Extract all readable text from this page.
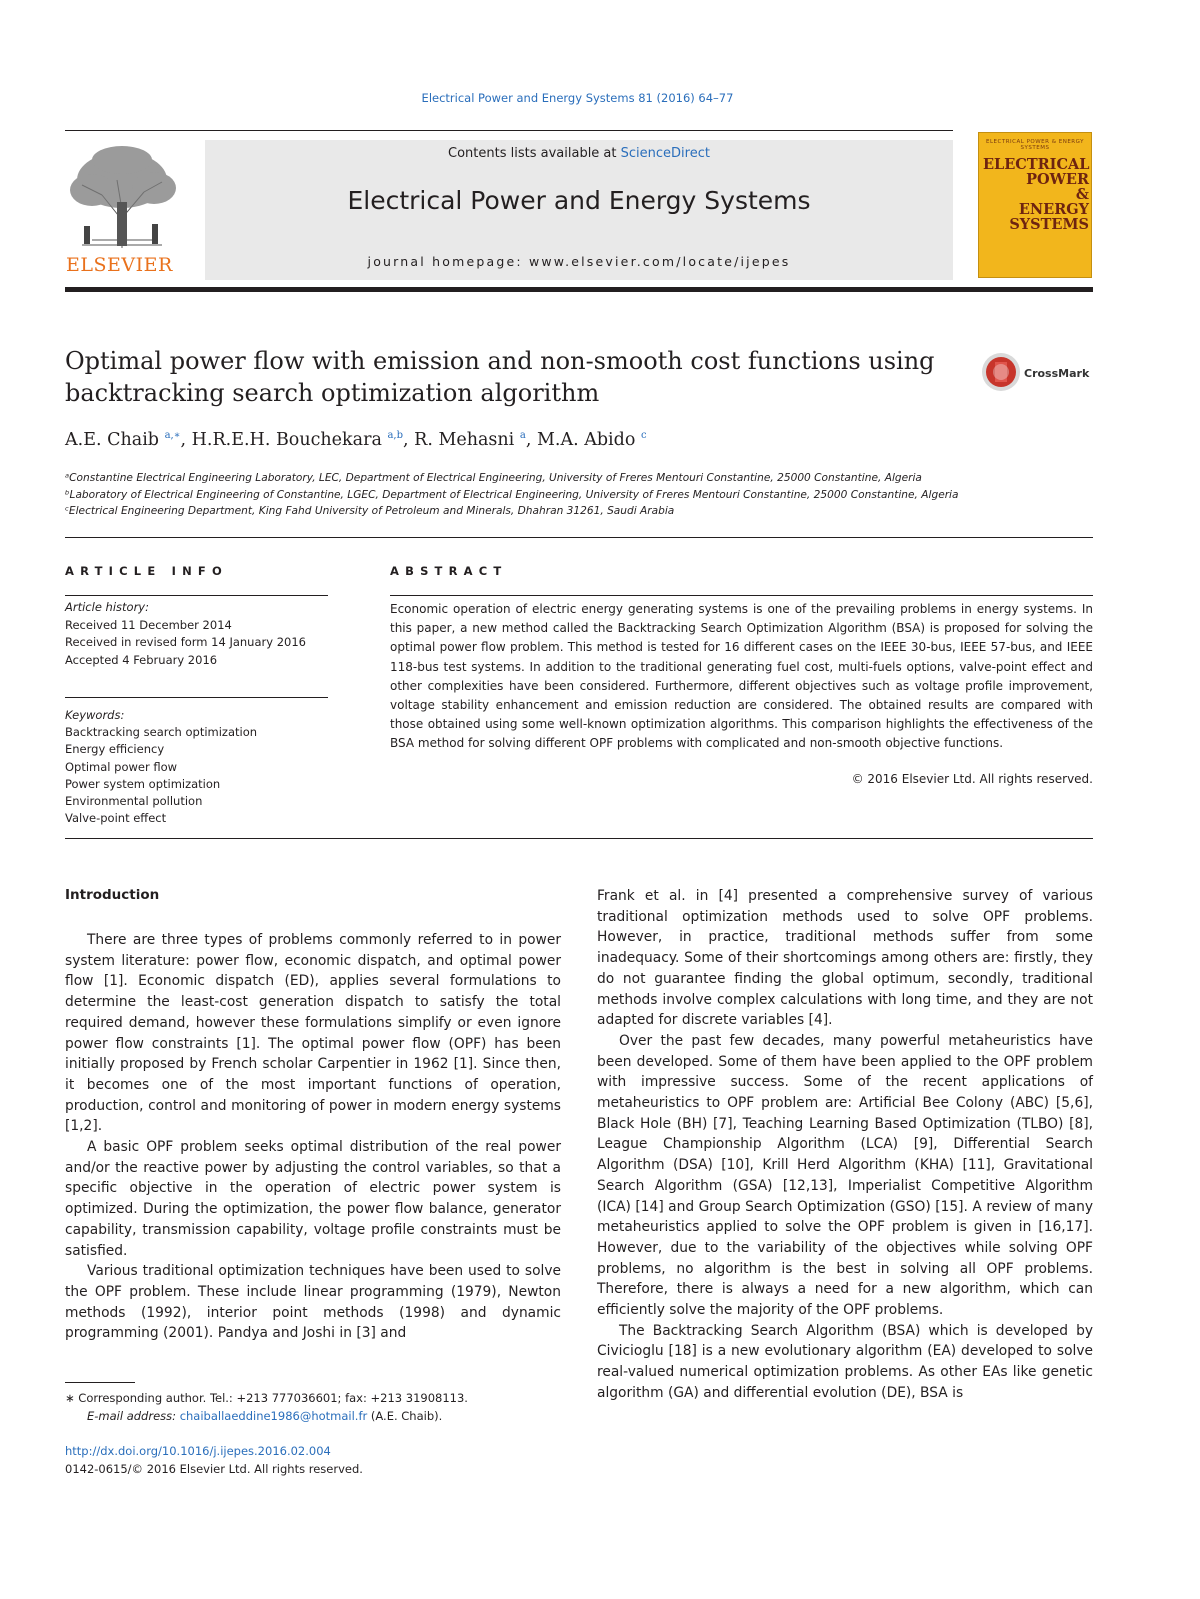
Electrical Power and Energy Systems 81 (2016) 64–77
ELSEVIER
Contents lists available at ScienceDirect
Electrical Power and Energy Systems
journal homepage: www.elsevier.com/locate/ijepes
ELECTRICAL POWER & ENERGY SYSTEMS
ELECTRICAL
POWER
&
ENERGY
SYSTEMS
Optimal power flow with emission and non-smooth cost functions using backtracking search optimization algorithm
CrossMark
A.E. Chaib $^{a,∗}$, H.R.E.H. Bouchekara $^{a,b}$, R. Mehasni $^a$, M.A. Abido $^c$
ᵃConstantine Electrical Engineering Laboratory, LEC, Department of Electrical Engineering, University of Freres Mentouri Constantine, 25000 Constantine, Algeria
ᵇLaboratory of Electrical Engineering of Constantine, LGEC, Department of Electrical Engineering, University of Freres Mentouri Constantine, 25000 Constantine, Algeria
ᶜElectrical Engineering Department, King Fahd University of Petroleum and Minerals, Dhahran 31261, Saudi Arabia
ARTICLE INFO	ABSTRACT
Article history:
Received 11 December 2014
Received in revised form 14 January 2016
Accepted 4 February 2016
Keywords:
Backtracking search optimization
Energy efficiency
Optimal power flow
Power system optimization
Environmental pollution
Valve-point effect
Economic operation of electric energy generating systems is one of the prevailing problems in energy systems. In this paper, a new method called the Backtracking Search Optimization Algorithm (BSA) is proposed for solving the optimal power flow problem. This method is tested for 16 different cases on the IEEE 30-bus, IEEE 57-bus, and IEEE 118-bus test systems. In addition to the traditional generating fuel cost, multi-fuels options, valve-point effect and other complexities have been considered. Furthermore, different objectives such as voltage profile improvement, voltage stability enhancement and emission reduction are considered. The obtained results are compared with those obtained using some well-known optimization algorithms. This comparison highlights the effectiveness of the BSA method for solving different OPF problems with complicated and non-smooth objective functions.
© 2016 Elsevier Ltd. All rights reserved.
Introduction

There are three types of problems commonly referred to in power system literature: power flow, economic dispatch, and optimal power flow [1]. Economic dispatch (ED), applies several formulations to determine the least-cost generation dispatch to satisfy the total required demand, however these formulations simplify or even ignore power flow constraints [1]. The optimal power flow (OPF) has been initially proposed by French scholar Carpentier in 1962 [1]. Since then, it becomes one of the most important functions of operation, production, control and monitoring of power in modern energy systems [1,2].

A basic OPF problem seeks optimal distribution of the real power and/or the reactive power by adjusting the control variables, so that a specific objective in the operation of electric power system is optimized. During the optimization, the power flow balance, generator capability, transmission capability, voltage profile constraints must be satisfied.

Various traditional optimization techniques have been used to solve the OPF problem. These include linear programming (1979), Newton methods (1992), interior point methods (1998) and dynamic programming (2001). Pandya and Joshi in [3] and

Frank et al. in [4] presented a comprehensive survey of various traditional optimization methods used to solve OPF problems. However, in practice, traditional methods suffer from some inadequacy. Some of their shortcomings among others are: firstly, they do not guarantee finding the global optimum, secondly, traditional methods involve complex calculations with long time, and they are not adapted for discrete variables [4].

Over the past few decades, many powerful metaheuristics have been developed. Some of them have been applied to the OPF problem with impressive success. Some of the recent applications of metaheuristics to OPF problem are: Artificial Bee Colony (ABC) [5,6], Black Hole (BH) [7], Teaching Learning Based Optimization (TLBO) [8], League Championship Algorithm (LCA) [9], Differential Search Algorithm (DSA) [10], Krill Herd Algorithm (KHA) [11], Gravitational Search Algorithm (GSA) [12,13], Imperialist Competitive Algorithm (ICA) [14] and Group Search Optimization (GSO) [15]. A review of many metaheuristics applied to solve the OPF problem is given in [16,17]. However, due to the variability of the objectives while solving OPF problems, no algorithm is the best in solving all OPF problems. Therefore, there is always a need for a new algorithm, which can efficiently solve the majority of the OPF problems.

The Backtracking Search Algorithm (BSA) which is developed by Civicioglu [18] is a new evolutionary algorithm (EA) developed to solve real-valued numerical optimization problems. As other EAs like genetic algorithm (GA) and differential evolution (DE), BSA is

∗ Corresponding author. Tel.: +213 777036601; fax: +213 31908113.
E-mail address: chaiballaeddine1986@hotmail.fr (A.E. Chaib).
http://dx.doi.org/10.1016/j.ijepes.2016.02.004
0142-0615/© 2016 Elsevier Ltd. All rights reserved.
